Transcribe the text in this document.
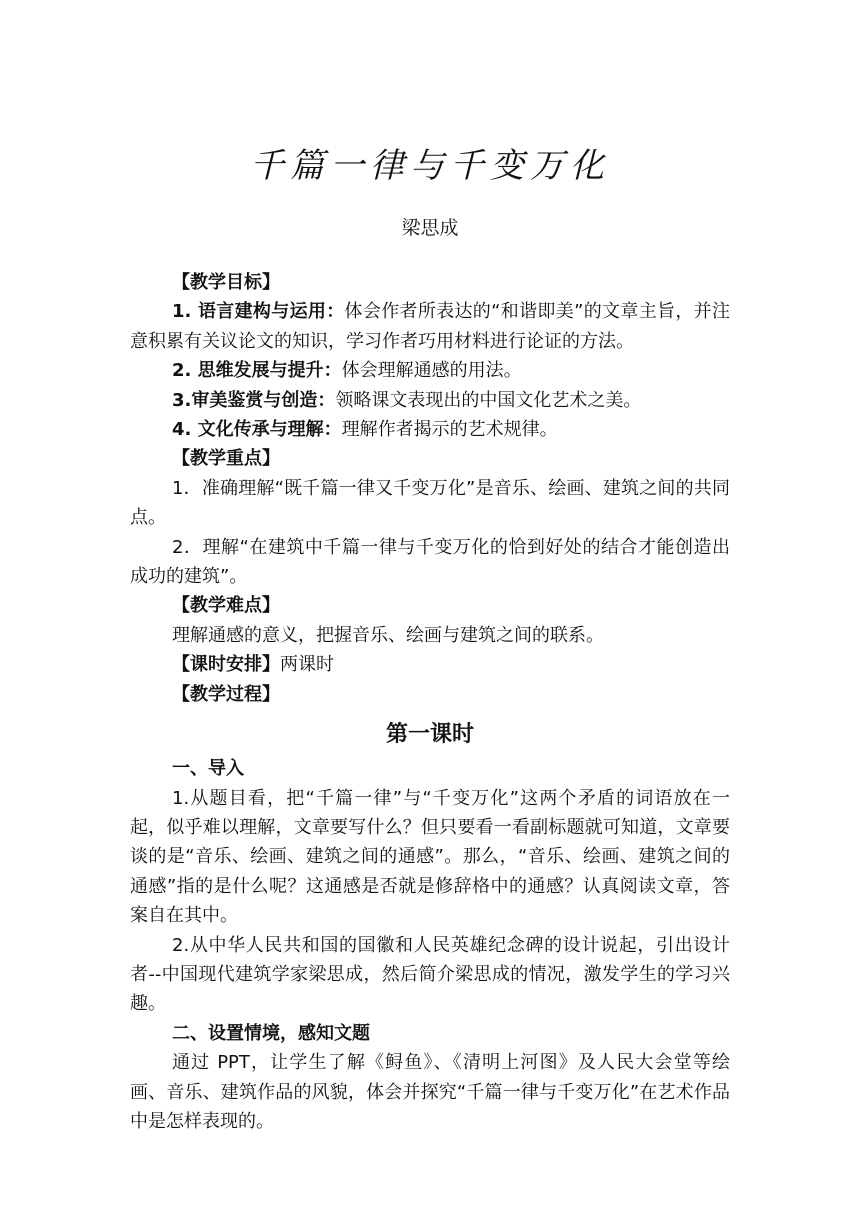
千篇一律与千变万化
梁思成

【教学目标】

1. 语言建构与运用：体会作者所表达的“和谐即美”的文章主旨，并注意积累有关议论文的知识，学习作者巧用材料进行论证的方法。

2. 思维发展与提升：体会理解通感的用法。

3.审美鉴赏与创造：领略课文表现出的中国文化艺术之美。

4. 文化传承与理解：理解作者揭示的艺术规律。

【教学重点】

1．准确理解“既千篇一律又千变万化”是音乐、绘画、建筑之间的共同点。

2．理解“在建筑中千篇一律与千变万化的恰到好处的结合才能创造出成功的建筑”。

【教学难点】

理解通感的意义，把握音乐、绘画与建筑之间的联系。

【课时安排】两课时

【教学过程】

第一课时

一、导入

1.从题目看，把“千篇一律”与“千变万化”这两个矛盾的词语放在一起，似乎难以理解，文章要写什么？但只要看一看副标题就可知道，文章要谈的是“音乐、绘画、建筑之间的通感”。那么，“音乐、绘画、建筑之间的通感”指的是什么呢？这通感是否就是修辞格中的通感？认真阅读文章，答案自在其中。

2.从中华人民共和国的国徽和人民英雄纪念碑的设计说起，引出设计者--中国现代建筑学家梁思成，然后简介梁思成的情况，激发学生的学习兴趣。

二、设置情境，感知文题

通过 PPT，让学生了解《鲟鱼》、《清明上河图》及人民大会堂等绘画、音乐、建筑作品的风貌，体会并探究“千篇一律与千变万化”在艺术作品中是怎样表现的。
